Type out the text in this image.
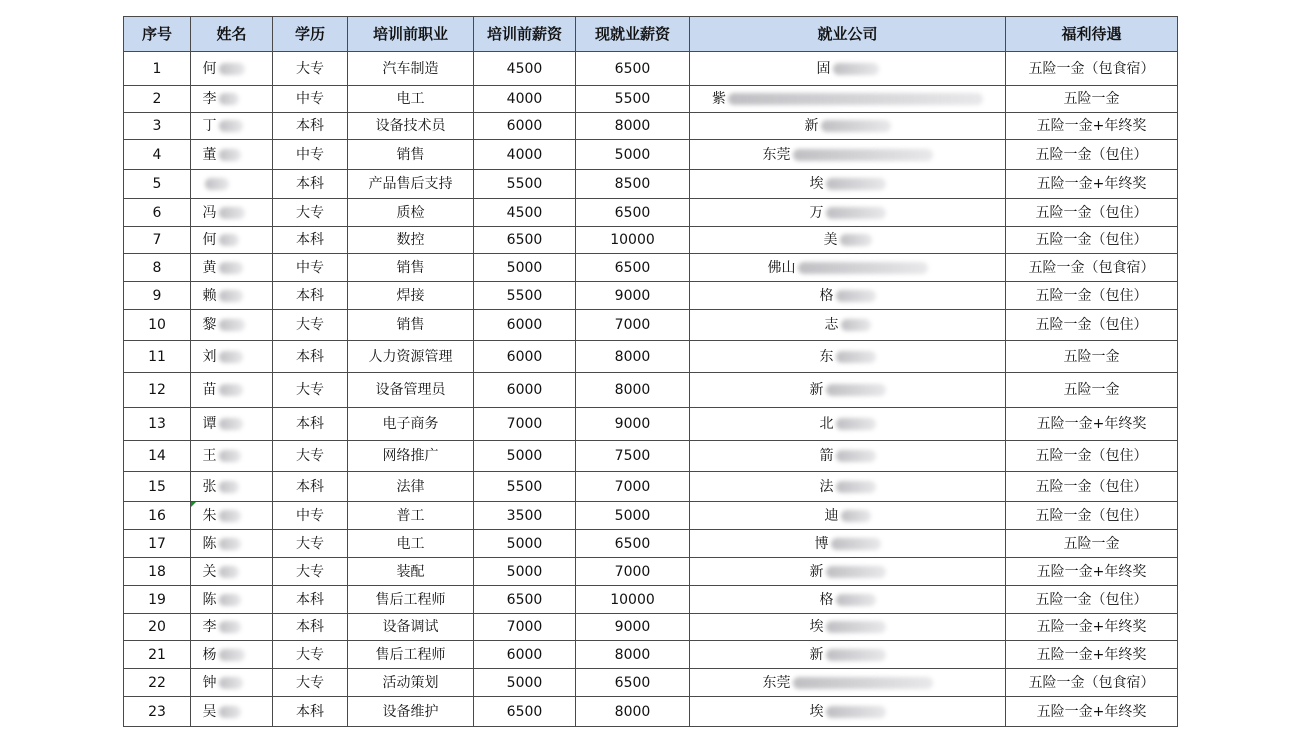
序号	姓名	学历	培训前职业	培训前薪资	现就业薪资	就业公司	福利待遇
1	何	大专	汽车制造	4500	6500	固	五险一金（包食宿）
2	李	中专	电工	4000	5500	紫	五险一金
3	丁	本科	设备技术员	6000	8000	新	五险一金+年终奖
4	董	中专	销售	4000	5000	东莞	五险一金（包住）
5		本科	产品售后支持	5500	8500	埃	五险一金+年终奖
6	冯	大专	质检	4500	6500	万	五险一金（包住）
7	何	本科	数控	6500	10000	美	五险一金（包住）
8	黄	中专	销售	5000	6500	佛山	五险一金（包食宿）
9	赖	本科	焊接	5500	9000	格	五险一金（包住）
10	黎	大专	销售	6000	7000	志	五险一金（包住）
11	刘	本科	人力资源管理	6000	8000	东	五险一金
12	苗	大专	设备管理员	6000	8000	新	五险一金
13	谭	本科	电子商务	7000	9000	北	五险一金+年终奖
14	王	大专	网络推广	5000	7500	箭	五险一金（包住）
15	张	本科	法律	5500	7000	法	五险一金（包住）
16	朱	中专	普工	3500	5000	迪	五险一金（包住）
17	陈	大专	电工	5000	6500	博	五险一金
18	关	大专	装配	5000	7000	新	五险一金+年终奖
19	陈	本科	售后工程师	6500	10000	格	五险一金（包住）
20	李	本科	设备调试	7000	9000	埃	五险一金+年终奖
21	杨	大专	售后工程师	6000	8000	新	五险一金+年终奖
22	钟	大专	活动策划	5000	6500	东莞	五险一金（包食宿）
23	吴	本科	设备维护	6500	8000	埃	五险一金+年终奖
